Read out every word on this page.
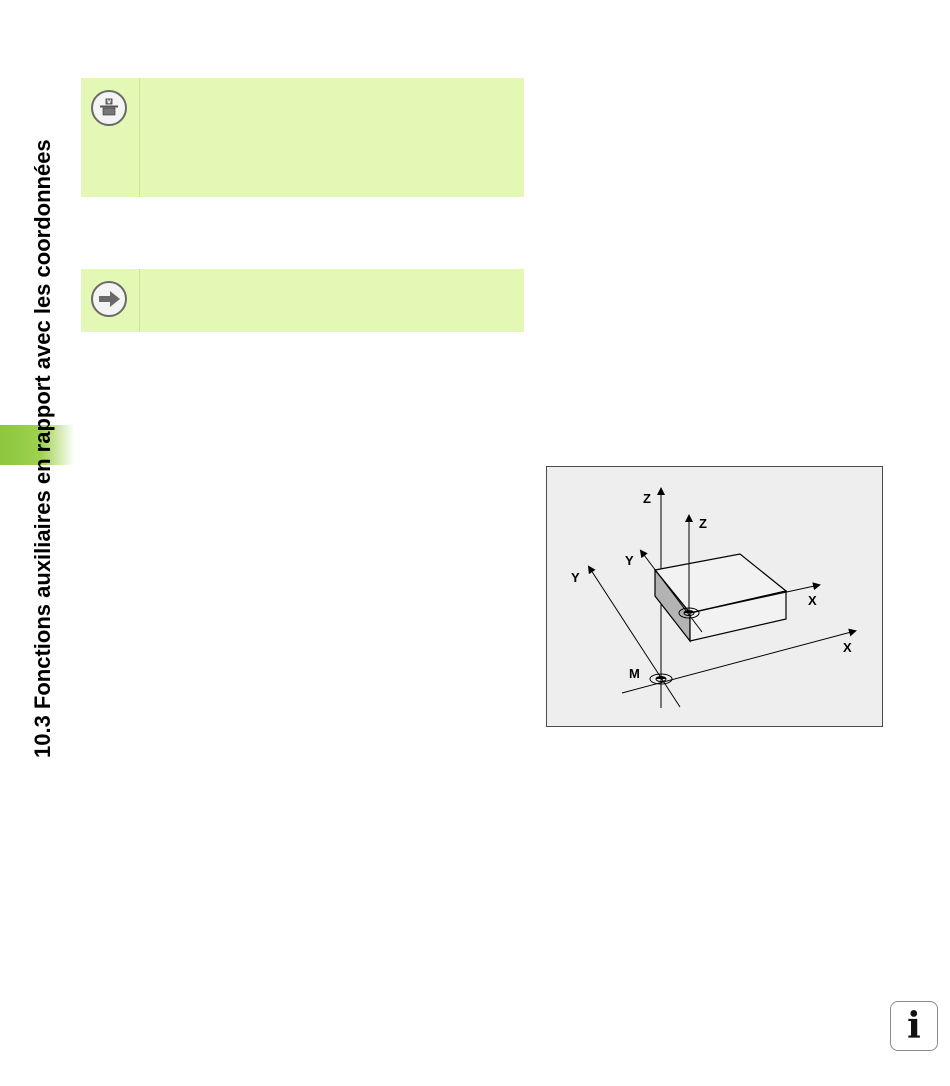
10.3 Fonctions auxiliaires en rapport avec les coordonnées
V
Z
Z
Y
Y
X
X
M
i
